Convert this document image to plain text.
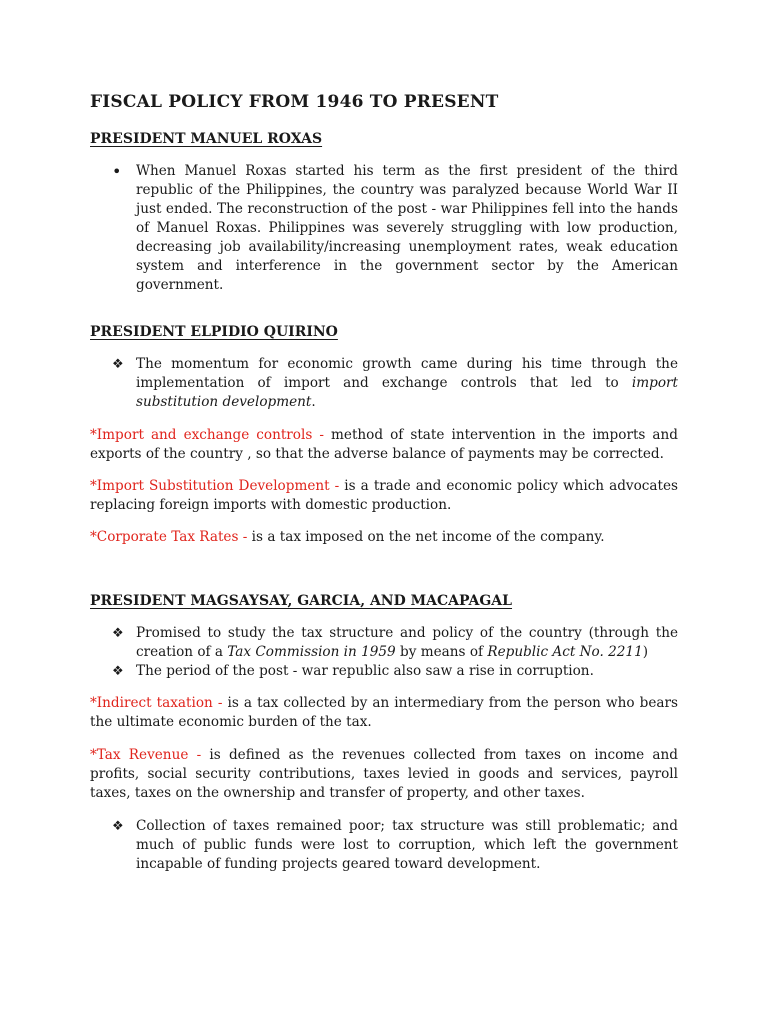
FISCAL POLICY FROM 1946 TO PRESENT
PRESIDENT MANUEL ROXAS
•	When Manuel Roxas started his term as the first president of the third republic of the Philippines, the country was paralyzed because World War II just ended. The reconstruction of the post - war Philippines fell into the hands of Manuel Roxas. Philippines was severely struggling with low production, decreasing job availability/increasing unemployment rates, weak education system and interference in the government sector by the American government.

PRESIDENT ELPIDIO QUIRINO
❖ The momentum for economic growth came during his time through the implementation of import and exchange controls that led to import substitution development.

*Import and exchange controls - method of state intervention in the imports and exports of the country , so that the adverse balance of payments may be corrected.

*Import Substitution Development - is a trade and economic policy which advocates replacing foreign imports with domestic production.

*Corporate Tax Rates - is a tax imposed on the net income of the company.

PRESIDENT MAGSAYSAY, GARCIA, AND MACAPAGAL
❖ Promised to study the tax structure and policy of the country (through the creation of a Tax Commission in 1959 by means of Republic Act No. 2211)

❖ The period of the post - war republic also saw a rise in corruption.

*Indirect taxation - is a tax collected by an intermediary from the person who bears the ultimate economic burden of the tax.

*Tax Revenue - is defined as the revenues collected from taxes on income and profits, social security contributions, taxes levied in goods and services, payroll taxes, taxes on the ownership and transfer of property, and other taxes.

❖ Collection of taxes remained poor; tax structure was still problematic; and much of public funds were lost to corruption, which left the government incapable of funding projects geared toward development.
